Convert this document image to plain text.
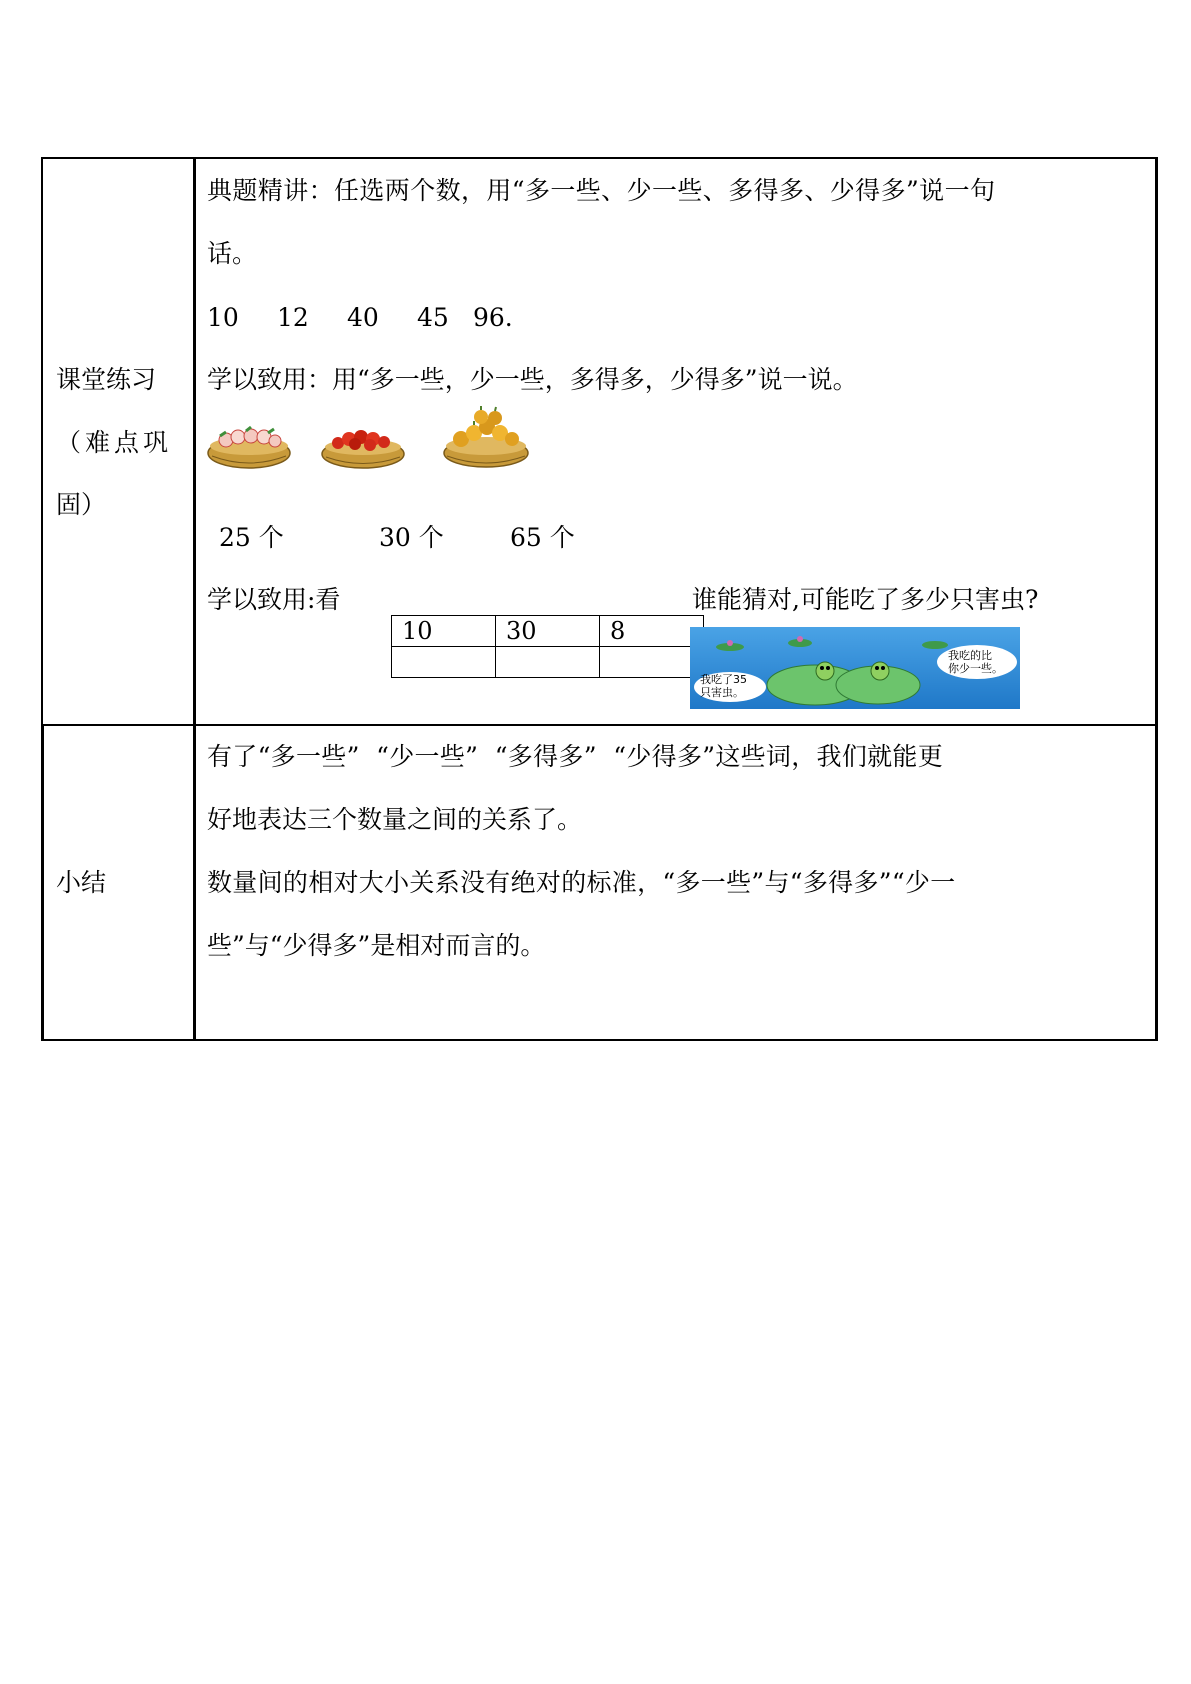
课堂练习
（难点巩
固）
典题精讲：任选两个数，用“多一些、少一些、多得多、少得多”说一句
话。
10 12 40 45 96.
学以致用：用“多一些，少一些，多得多，少得多”说一说。
25 个	30 个	65 个
学以致用:看	谁能猜对,可能吃了多少只害虫?
10	30	8

我吃了35
只害虫。
我吃的比
你少一些。
小结
有了“多一些”  “少一些”  “多得多”  “少得多”这些词，我们就能更
好地表达三个数量之间的关系了。
数量间的相对大小关系没有绝对的标准，“多一些”与“多得多”“少一
些”与“少得多”是相对而言的。
